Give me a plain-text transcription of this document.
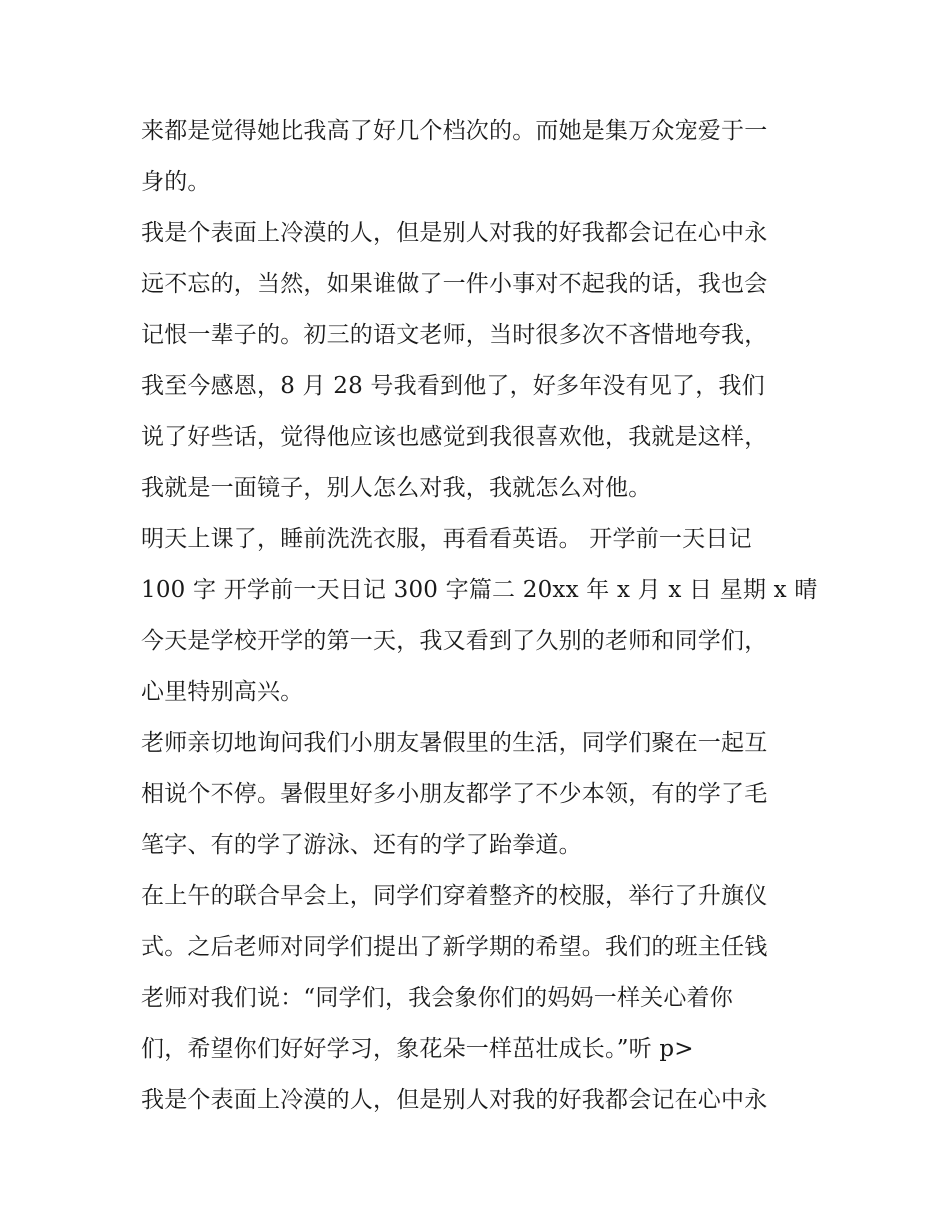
来都是觉得她比我高了好几个档次的。而她是集万众宠爱于一
身的。
我是个表面上冷漠的人，但是别人对我的好我都会记在心中永
远不忘的，当然，如果谁做了一件小事对不起我的话，我也会
记恨一辈子的。初三的语文老师，当时很多次不吝惜地夸我，
我至今感恩，8 月 28 号我看到他了，好多年没有见了，我们
说了好些话，觉得他应该也感觉到我很喜欢他，我就是这样，
我就是一面镜子，别人怎么对我，我就怎么对他。
明天上课了，睡前洗洗衣服，再看看英语。 开学前一天日记
100 字 开学前一天日记 300 字篇二 20xx 年 x 月 x 日 星期 x 晴
今天是学校开学的第一天，我又看到了久别的老师和同学们，
心里特别高兴。
老师亲切地询问我们小朋友暑假里的生活，同学们聚在一起互
相说个不停。暑假里好多小朋友都学了不少本领，有的学了毛
笔字、有的学了游泳、还有的学了跆拳道。
在上午的联合早会上，同学们穿着整齐的校服，举行了升旗仪
式。之后老师对同学们提出了新学期的希望。我们的班主任钱
老师对我们说：“同学们，我会象你们的妈妈一样关心着你
们，希望你们好好学习，象花朵一样茁壮成长。”听 p>
我是个表面上冷漠的人，但是别人对我的好我都会记在心中永
